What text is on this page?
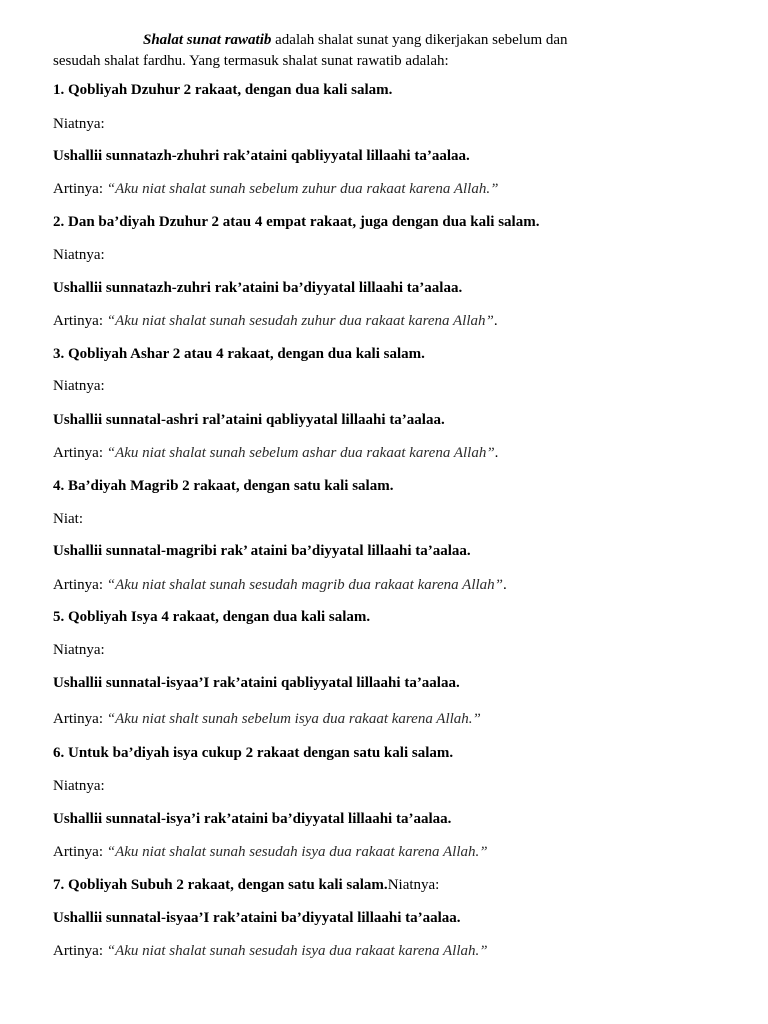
Shalat sunat rawatib adalah shalat sunat yang dikerjakan sebelum dan
sesudah shalat fardhu. Yang termasuk shalat sunat rawatib adalah:
1. Qobliyah Dzuhur 2 rakaat, dengan dua kali salam.
Niatnya:
Ushallii sunnatazh-zhuhri rak’ataini qabliyyatal lillaahi ta’aalaa.
Artinya: “Aku niat shalat sunah sebelum zuhur dua rakaat karena Allah.”
2. Dan ba’diyah Dzuhur 2 atau 4 empat rakaat, juga dengan dua kali salam.
Niatnya:
Ushallii sunnatazh-zuhri rak’ataini ba’diyyatal lillaahi ta’aalaa.
Artinya: “Aku niat shalat sunah sesudah zuhur dua rakaat karena Allah”.
3. Qobliyah Ashar 2 atau 4 rakaat, dengan dua kali salam.
Niatnya:
Ushallii sunnatal-ashri ral’ataini qabliyyatal lillaahi ta’aalaa.
Artinya: “Aku niat shalat sunah sebelum ashar dua rakaat karena Allah”.
4. Ba’diyah Magrib 2 rakaat, dengan satu kali salam.
Niat:
Ushallii sunnatal-magribi rak’ ataini ba’diyyatal lillaahi ta’aalaa.
Artinya: “Aku niat shalat sunah sesudah magrib dua rakaat karena Allah”.
5. Qobliyah Isya 4 rakaat, dengan dua kali salam.
Niatnya:
Ushallii sunnatal-isyaa’I rak’ataini qabliyyatal lillaahi ta’aalaa.
Artinya: “Aku niat shalt sunah sebelum isya dua rakaat karena Allah.”
6. Untuk ba’diyah isya cukup 2 rakaat dengan satu kali salam.
Niatnya:
Ushallii sunnatal-isya’i rak’ataini ba’diyyatal lillaahi ta’aalaa.
Artinya: “Aku niat shalat sunah sesudah isya dua rakaat karena Allah.”
7. Qobliyah Subuh 2 rakaat, dengan satu kali salam.Niatnya:
Ushallii sunnatal-isyaa’I rak’ataini ba’diyyatal lillaahi ta’aalaa.
Artinya: “Aku niat shalat sunah sesudah isya dua rakaat karena Allah.”
